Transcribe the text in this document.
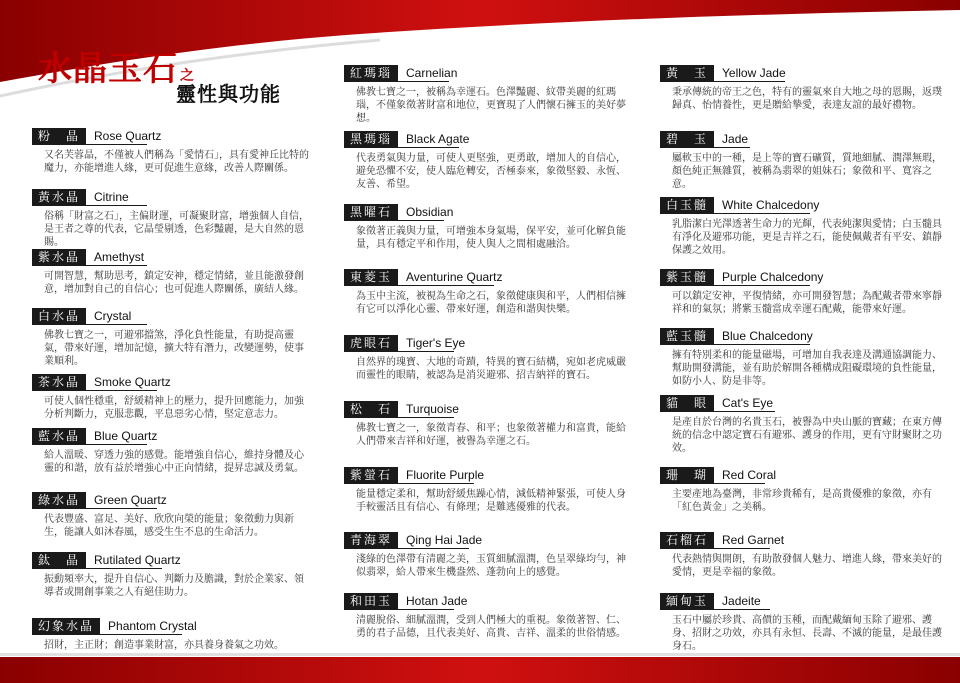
水晶玉石 之
靈性與功能
粉　晶	Rose Quartz
又名芙蓉晶，不僅被人們稱為「愛情石」，具有愛神丘比特的魔力，亦能增進人緣，更可促進生意緣，改善人際關係。
黃水晶	Citrine
俗稱「財富之石」，主偏財運，可凝聚財富，增強個人自信，是王者之尊的代表，它晶瑩剔透，色彩豔麗，是大自然的恩賜。
紫水晶	Amethyst
可開智慧，幫助思考，鎮定安神，穩定情緒，並且能激發創意，增加對自己的自信心；也可促進人際關係，廣結人緣。
白水晶	Crystal
佛教七寶之一，可避邪擋煞，淨化負性能量，有助提高靈氣，帶來好運，增加記憶，擴大特有潛力，改變運勢，使事業順利。
茶水晶	Smoke Quartz
可使人個性穩重，舒緩精神上的壓力，提升回應能力，加強分析判斷力，克服悲觀，平息惡劣心情，堅定意志力。
藍水晶	Blue Quartz
給人溫暖、穿透力強的感覺。能增強自信心，維持身體及心靈的和諧，放有益於增強心中正向情緒，提昇忠誠及勇氣。
綠水晶	Green Quartz
代表豐盛、富足、美好、欣欣向榮的能量；象徵動力與新生，能讓人如沐春風，感受生生不息的生命活力。
鈦　晶	Rutilated Quartz
振動頻率大，提升自信心、判斷力及膽識，對於企業家、領導者或開創事業之人有絕佳助力。
幻象水晶	Phantom Crystal
招財，主正財；創造事業財富，亦具養身養氣之功效。
紅瑪瑙	Carnelian
佛教七寶之一，被稱為幸運石。色澤豔麗、紋帶美麗的紅瑪瑙，不僅象徵著財富和地位，更寶現了人們懷石擁玉的美好夢想。
黑瑪瑙	Black Agate
代表勇氣與力量，可使人更堅強，更勇敢，增加人的自信心，避免恐懼不安，使人臨危轉安，否極泰來，象徵堅毅、永恆、友善、希望。
黑曜石	Obsidian
象徵著正義與力量，可增強本身氣場，保平安，並可化解負能量，具有穩定平和作用，使人與人之間相處融洽。
東菱玉	Aventurine Quartz
為玉中主流，被視為生命之石，象徵健康與和平，人們相信擁有它可以淨化心靈、帶來好運，創造和諧與快樂。
虎眼石	Tiger's Eye
自然界的瑰寶、大地的奇蹟，特異的寶石結構，宛如老虎威嚴而靈性的眼睛，被認為是消災避邪、招吉納祥的寶石。
松　石	Turquoise
佛教七寶之一，象徵青春、和平；也象徵著權力和富貴，能給人們帶來吉祥和好運，被譽為幸運之石。
紫螢石	Fluorite Purple
能量穩定柔和，幫助舒緩焦躁心情，減低精神緊張，可使人身手較靈活且有信心、有條理；是難逃優雅的代表。
青海翠	Qing Hai Jade
淺綠的色澤帶有清麗之美，玉質細膩溫潤，色呈翠綠均勻，神似翡翠，給人帶來生機盎然、蓬勃向上的感覺。
和田玉	Hotan Jade
清麗脫俗、細膩溫潤，受到人們極大的重視。象徵著智、仁、勇的君子品德，且代表美好、高貴、吉祥、溫柔的世俗情感。
黃　玉	Yellow Jade
秉承傳統的帝王之色，特有的靈氣來自大地之母的恩賜，返璞歸真、怡情養性，更是贈給摯愛，表達友誼的最好禮物。
碧　玉	Jade
屬軟玉中的一種，是上等的寶石礦質，質地細膩、潤澤無瑕，顏色純正無雜質，被稱為翡翠的姐妹石；象徵和平、寬容之意。
白玉髓	White Chalcedony
乳脂潔白光澤透著生命力的光輝，代表純潔與愛情；白玉髓具有淨化及避邪功能，更是吉祥之石，能使佩戴者有平安、鎮靜保護之效用。
紫玉髓	Purple Chalcedony
可以鎮定安神，平復情緒，亦可開發智慧；為配戴者帶來寧靜祥和的氣氛；將紫玉髓當成幸運石配戴，能帶來好運。
藍玉髓	Blue Chalcedony
擁有特別柔和的能量磁場，可增加自我表達及溝通協調能力、幫助開發溝能，並有助於解開各種構成阻礙環境的負性能量，如防小人、防是非等。
貓　眼	Cat's Eye
是產自於台灣的名貴玉石，被譽為中央山脈的寶藏；在東方傳統的信念中認定寶石有避邪、護身的作用，更有守財聚財之功效。
珊　瑚	Red Coral
主要產地為臺灣，非常珍貴稀有，是高貴優雅的象徵，亦有「紅色黃金」之美稱。
石榴石	Red Garnet
代表熱情與開朗，有助散發個人魅力、增進人緣，帶來美好的愛情，更是幸福的象徵。
緬甸玉	Jadeite
玉石中屬於珍貴、高價的玉種，而配戴緬甸玉除了避邪、護身、招財之功效，亦具有永恒、長壽、不滅的能量，是最佳護身石。
